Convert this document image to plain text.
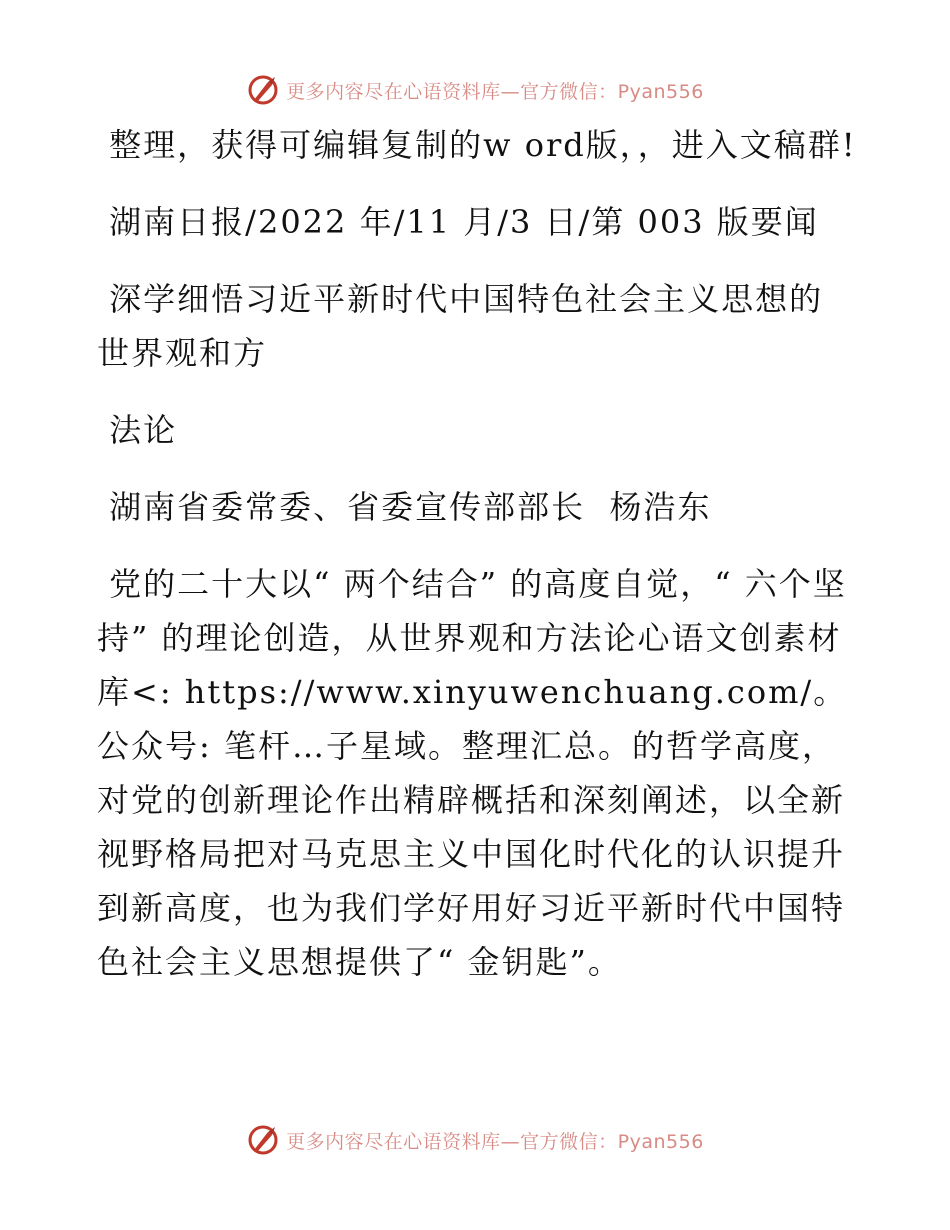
更多内容尽在心语资料库—官方微信：Pyan556

整理，获得可编辑复制的w ord版，，进入文稿群!

湖南日报/2022 年/11 月/3 日/第 003 版要闻

深学细悟习近平新时代中国特色社会主义思想的世界观和方

法论

湖南省委常委、省委宣传部部长  杨浩东

党的二十大以“ 两个结合” 的高度自觉，“ 六个坚持” 的理论创造，从世界观和方法论心语文创素材库<: https://www.xinyuwenchuang.com/。公众号: 笔杆…子星域。整理汇总。的哲学高度，对党的创新理论作出精辟概括和深刻阐述，以全新视野格局把对马克思主义中国化时代化的认识提升到新高度，也为我们学好用好习近平新时代中国特色社会主义思想提供了“ 金钥匙”。

更多内容尽在心语资料库—官方微信：Pyan556
